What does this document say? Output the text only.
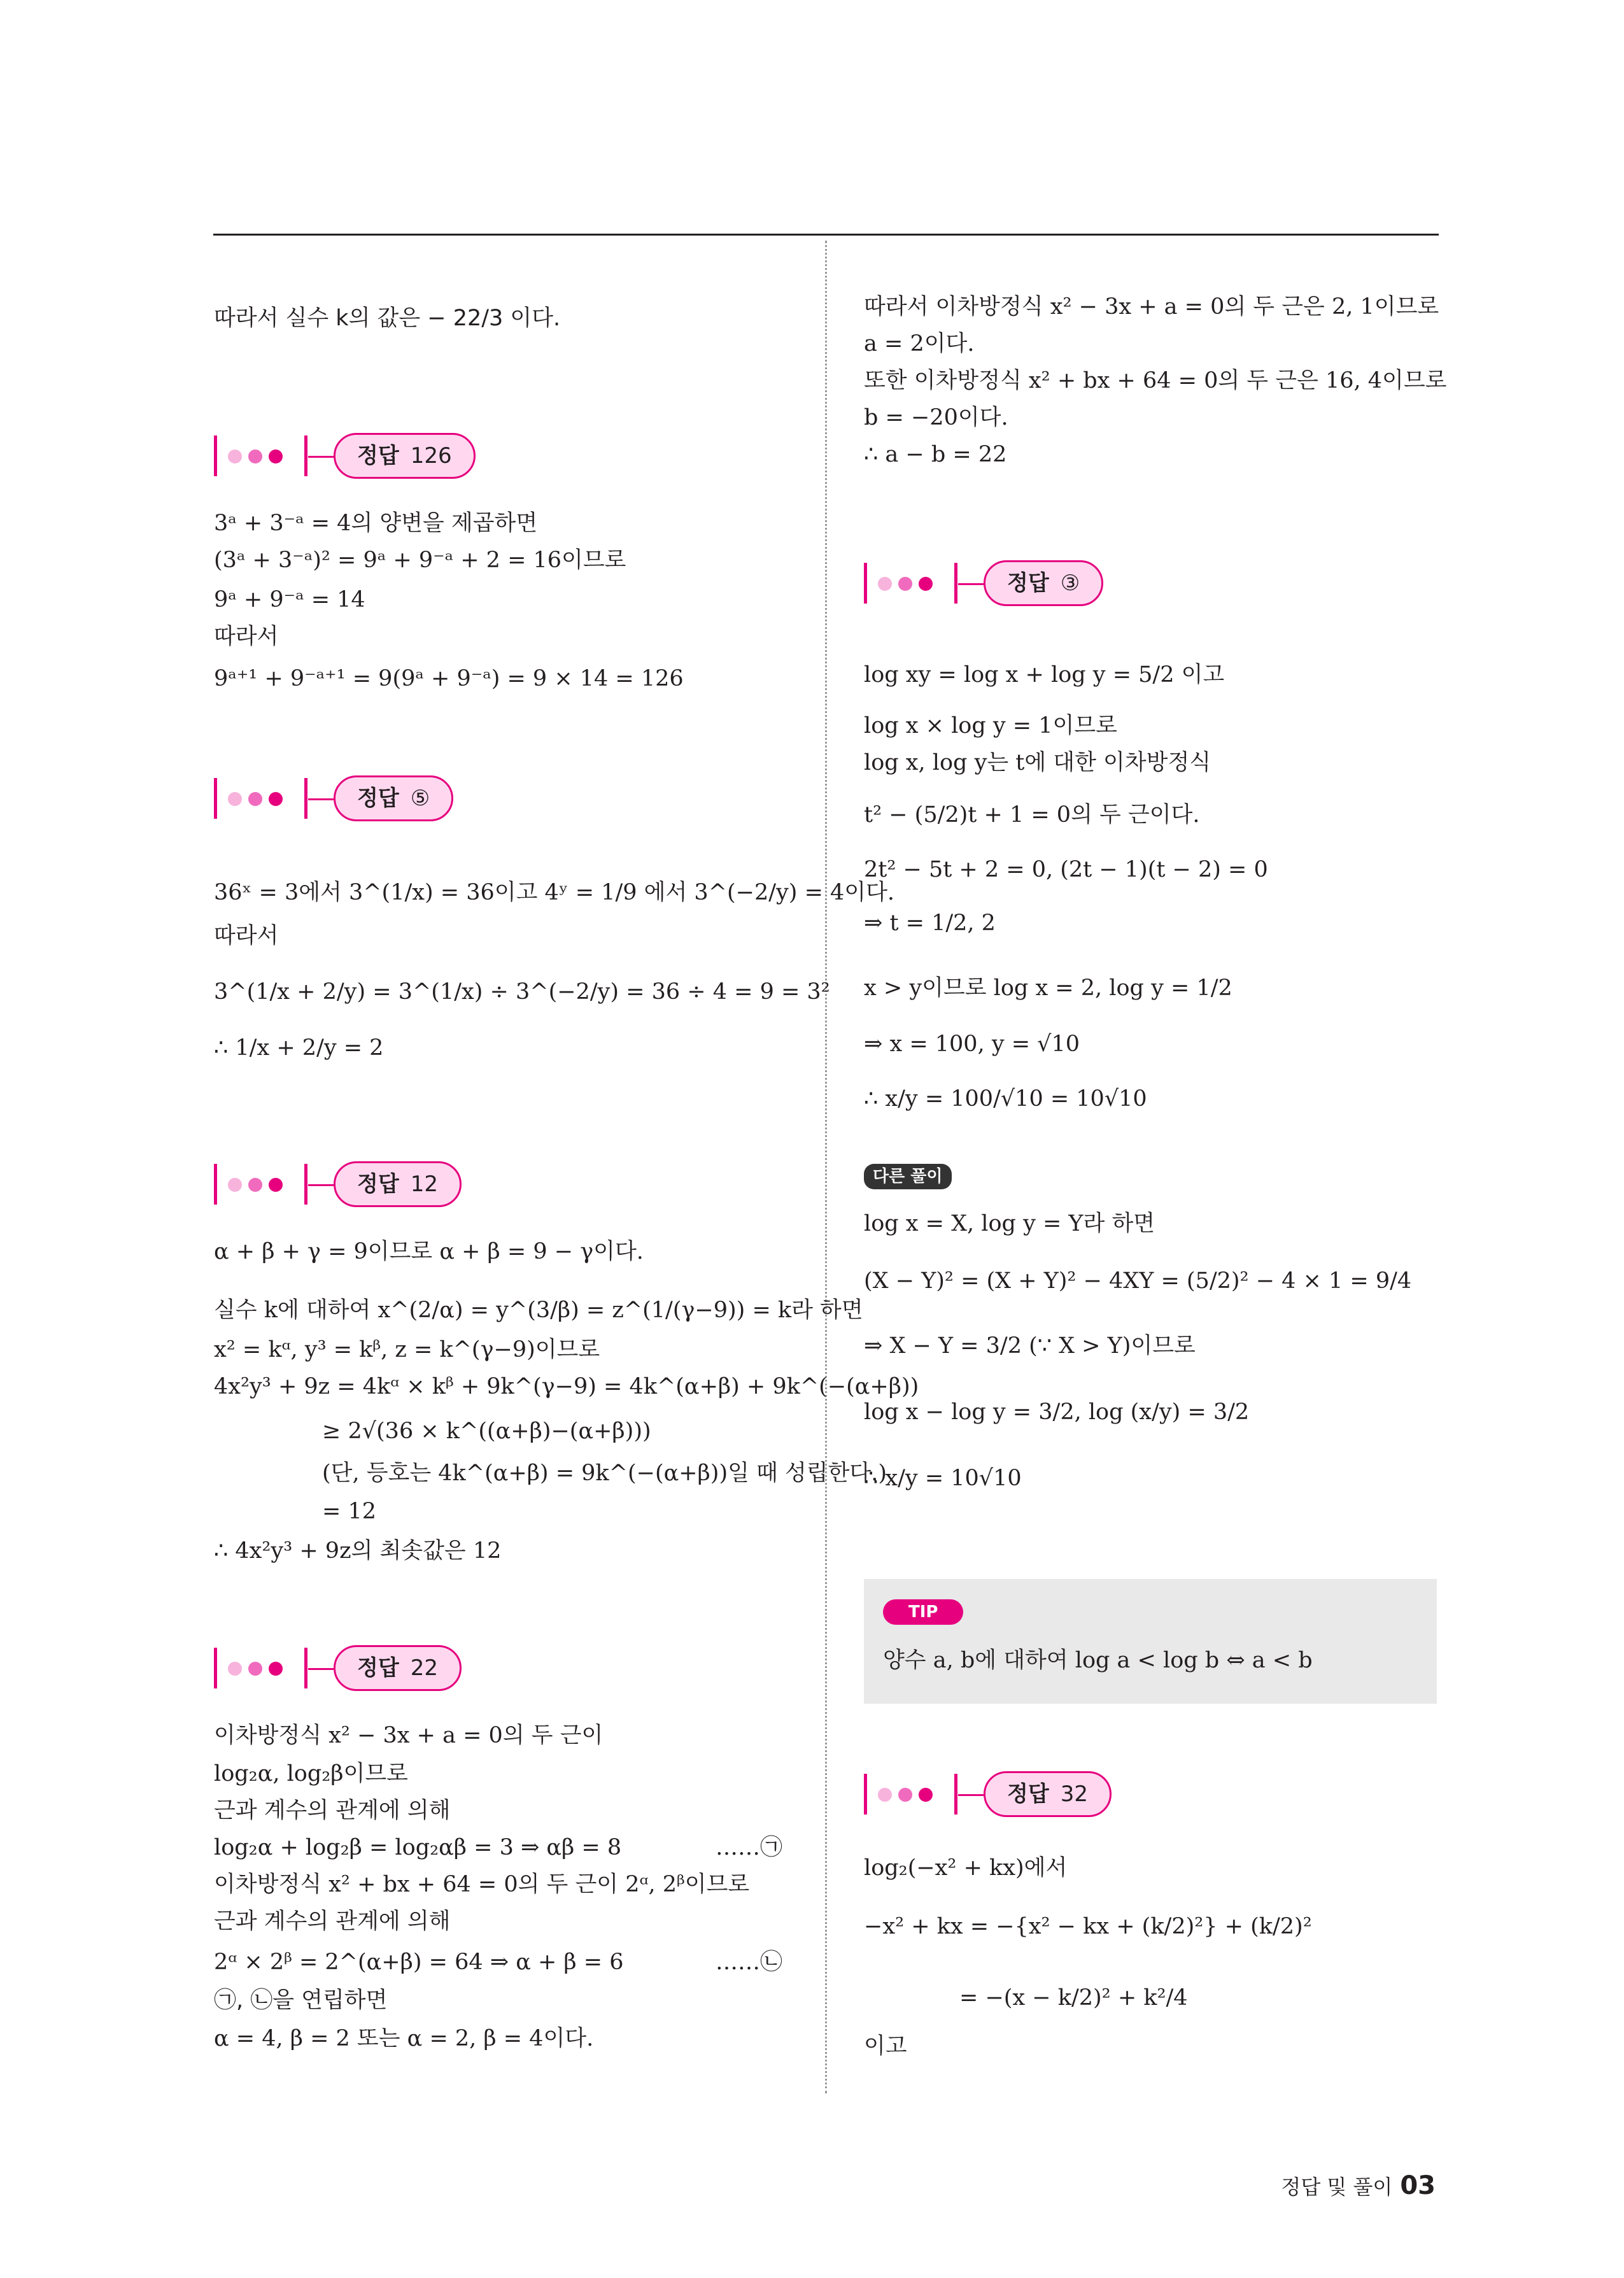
따라서 실수 k의 값은 − 22/3 이다.
정답 126
3ᵃ + 3⁻ᵃ = 4의 양변을 제곱하면
(3ᵃ + 3⁻ᵃ)² = 9ᵃ + 9⁻ᵃ + 2 = 16이므로
9ᵃ + 9⁻ᵃ = 14
따라서
9ᵃ⁺¹ + 9⁻ᵃ⁺¹ = 9(9ᵃ + 9⁻ᵃ) = 9 × 14 = 126
정답 ⑤
36ˣ = 3에서 3^(1/x) = 36이고 4ʸ = 1/9 에서 3^(−2/y) = 4이다.
따라서
3^(1/x + 2/y) = 3^(1/x) ÷ 3^(−2/y) = 36 ÷ 4 = 9 = 3²
∴ 1/x + 2/y = 2
정답 12
α + β + γ = 9이므로 α + β = 9 − γ이다.
실수 k에 대하여 x^(2/α) = y^(3/β) = z^(1/(γ−9)) = k라 하면
x² = kᵅ, y³ = kᵝ, z = k^(γ−9)이므로
4x²y³ + 9z = 4kᵅ × kᵝ + 9k^(γ−9) = 4k^(α+β) + 9k^(−(α+β))
≥ 2√(36 × k^((α+β)−(α+β)))
(단, 등호는 4k^(α+β) = 9k^(−(α+β))일 때 성립한다.)
= 12
∴ 4x²y³ + 9z의 최솟값은 12
정답 22
이차방정식 x² − 3x + a = 0의 두 근이
log₂α, log₂β이므로
근과 계수의 관계에 의해
log₂α + log₂β = log₂αβ = 3 ⇒ αβ = 8	……㉠
이차방정식 x² + bx + 64 = 0의 두 근이 2ᵅ, 2ᵝ이므로
근과 계수의 관계에 의해
2ᵅ × 2ᵝ = 2^(α+β) = 64 ⇒ α + β = 6	……㉡
㉠, ㉡을 연립하면
α = 4, β = 2 또는 α = 2, β = 4이다.
따라서 이차방정식 x² − 3x + a = 0의 두 근은 2, 1이므로
a = 2이다.
또한 이차방정식 x² + bx + 64 = 0의 두 근은 16, 4이므로
b = −20이다.
∴ a − b = 22
정답 ③
log xy = log x + log y = 5/2 이고
log x × log y = 1이므로
log x, log y는 t에 대한 이차방정식
t² − (5/2)t + 1 = 0의 두 근이다.
2t² − 5t + 2 = 0, (2t − 1)(t − 2) = 0
⇒ t = 1/2, 2
x > y이므로 log x = 2, log y = 1/2
⇒ x = 100, y = √10
∴ x/y = 100/√10 = 10√10
다른 풀이
log x = X, log y = Y라 하면
(X − Y)² = (X + Y)² − 4XY = (5/2)² − 4 × 1 = 9/4
⇒ X − Y = 3/2 (∵ X > Y)이므로
log x − log y = 3/2, log (x/y) = 3/2
∴ x/y = 10√10
정답 32
log₂(−x² + kx)에서
−x² + kx = −{x² − kx + (k/2)²} + (k/2)²
= −(x − k/2)² + k²/4
이고
TIP
양수 a, b에 대하여 log a < log b ⇔ a < b
정답 및 풀이 03
